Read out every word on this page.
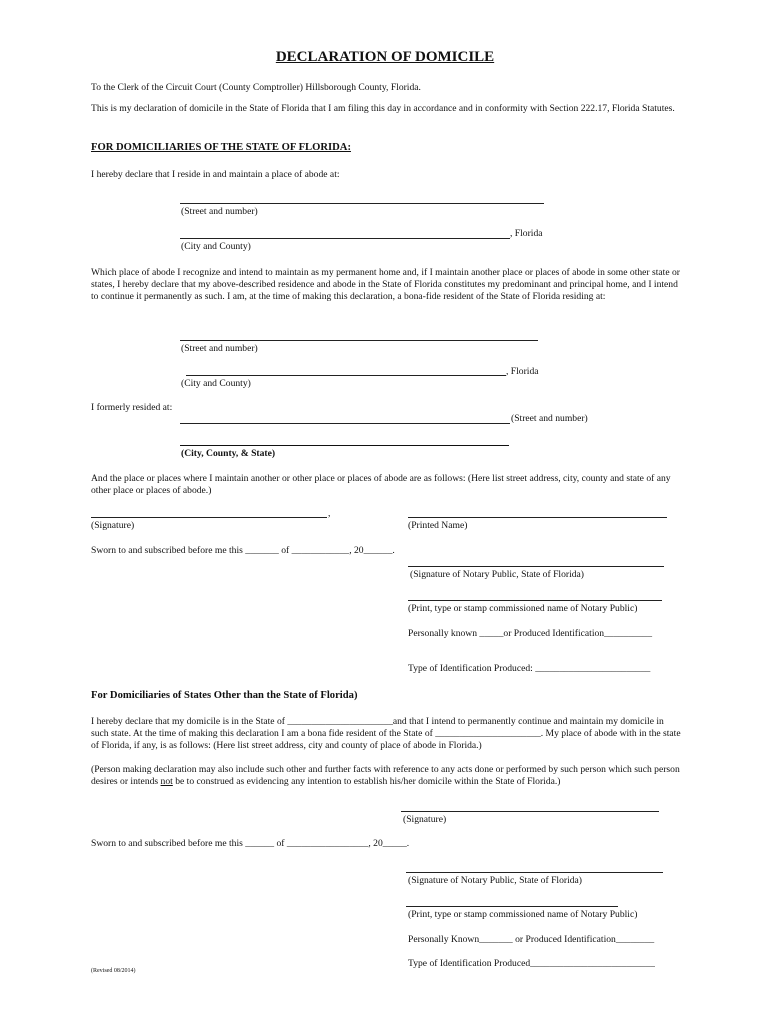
DECLARATION OF DOMICILE
To the Clerk of the Circuit Court (County Comptroller) Hillsborough County, Florida.
This is my declaration of domicile in the State of Florida that I am filing this day in accordance and in conformity with Section 222.17, Florida Statutes.
FOR DOMICILIARIES OF THE STATE OF FLORIDA:
I hereby declare that I reside in and maintain a place of abode at:
(Street and number)
, Florida
(City and County)
Which place of abode I recognize and intend to maintain as my permanent home and, if I maintain another place or places of abode in some other state or states, I hereby declare that my above-described residence and abode in the State of Florida constitutes my predominant and principal home, and I intend to continue it permanently as such. I am, at the time of making this declaration, a bona-fide resident of the State of Florida residing at:
(Street and number)
, Florida
(City and County)
I formerly resided at:
(Street and number)
(City, County, & State)
And the place or places where I maintain another or other place or places of abode are as follows: (Here list street address, city, county and state of any other place or places of abode.)
,
(Signature)	(Printed Name)
Sworn to and subscribed before me this _______ of ____________, 20______.
(Signature of Notary Public, State of Florida)
(Print, type or stamp commissioned name of Notary Public)
Personally known _____or Produced Identification__________
Type of Identification Produced: ________________________
For Domiciliaries of States Other than the State of Florida)
I hereby declare that my domicile is in the State of ______________________and that I intend to permanently continue and maintain my domicile in such state. At the time of making this declaration I am a bona fide resident of the State of ______________________. My place of abode with in the state of Florida, if any, is as follows: (Here list street address, city and county of place of abode in Florida.)
(Person making declaration may also include such other and further facts with reference to any acts done or performed by such person which such person desires or intends not be to construed as evidencing any intention to establish his/her domicile within the State of Florida.)
(Signature)
Sworn to and subscribed before me this ______ of _________________, 20_____.
(Signature of Notary Public, State of Florida)
(Print, type or stamp commissioned name of Notary Public)
Personally Known_______ or Produced Identification________
Type of Identification Produced__________________________
(Revised 08/2014)
